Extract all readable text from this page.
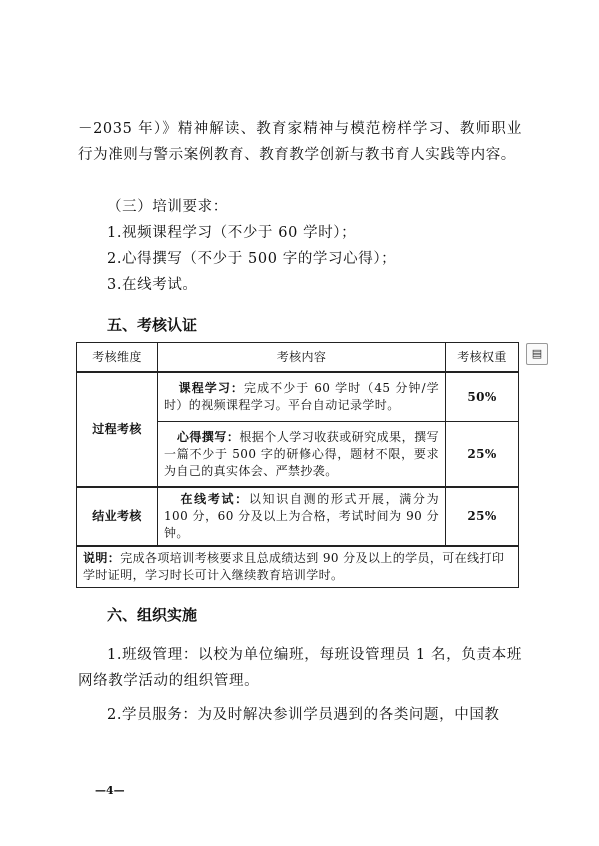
－2035 年）》精神解读、教育家精神与模范榜样学习、教师职业行为准则与警示案例教育、教育教学创新与教书育人实践等内容。

（三）培训要求：

1.视频课程学习（不少于 60 学时）；

2.心得撰写（不少于 500 字的学习心得）；

3.在线考试。

五、考核认证

考核维度	考核内容	考核权重
过程考核	课程学习：完成不少于 60 学时（45 分钟/学时）的视频课程学习。平台自动记录学时。	50%
	心得撰写：根据个人学习收获或研究成果，撰写一篇不少于 500 字的研修心得，题材不限，要求为自己的真实体会、严禁抄袭。	25%
结业考核	在线考试：以知识自测的形式开展，满分为 100 分，60 分及以上为合格，考试时间为 90 分钟。	25%
说明：完成各项培训考核要求且总成绩达到 90 分及以上的学员，可在线打印学时证明，学习时长可计入继续教育培训学时。		
▤

六、组织实施

1.班级管理：以校为单位编班，每班设管理员 1 名，负责本班网络教学活动的组织管理。

2.学员服务：为及时解决参训学员遇到的各类问题，中国教

—4—
